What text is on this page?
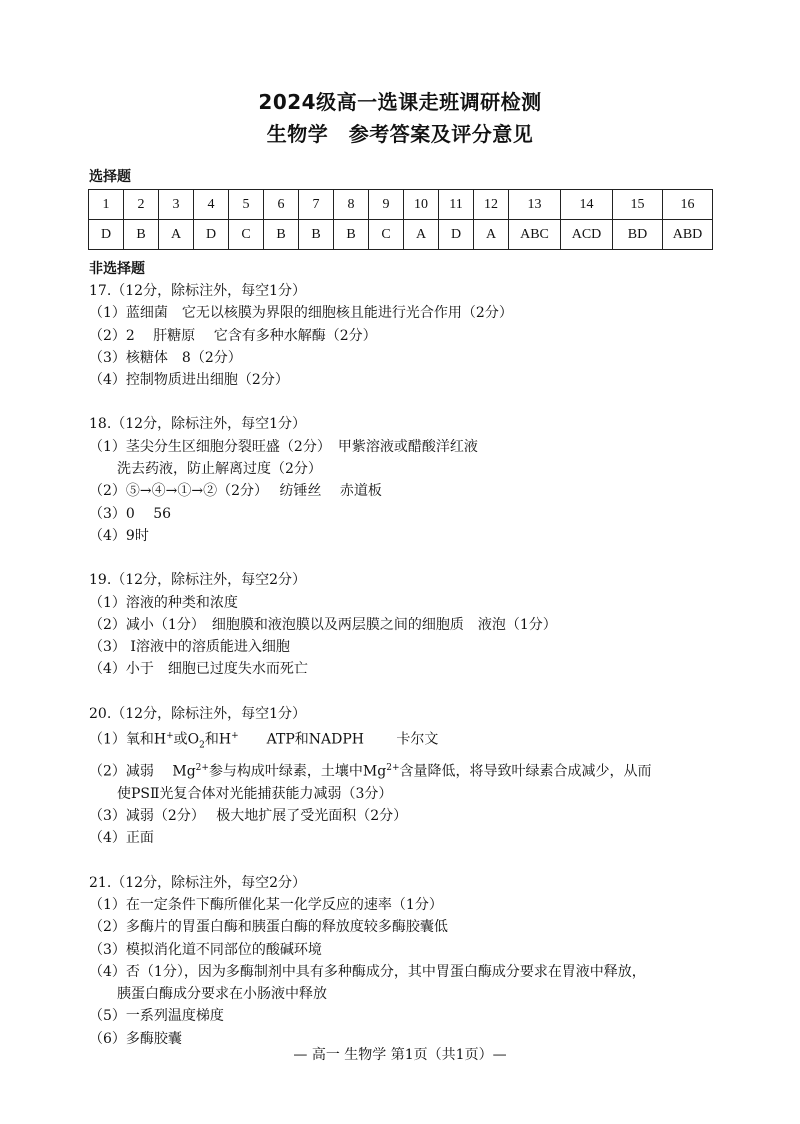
2024级高一选课走班调研检测
生物学　参考答案及评分意见
选择题
1	2	3	4	5	6	7	8	9	10	11	12	13	14	15	16
D	B	A	D	C	B	B	B	C	A	D	A	ABC	ACD	BD	ABD
非选择题
17.（12分，除标注外，每空1分）
（1）蓝细菌　它无以核膜为界限的细胞核且能进行光合作用（2分）
（2）2　 肝糖原　 它含有多种水解酶（2分）
（3）核糖体　8（2分）
（4）控制物质进出细胞（2分）
18.（12分，除标注外，每空1分）
（1）茎尖分生区细胞分裂旺盛（2分）　甲紫溶液或醋酸洋红液
洗去药液，防止解离过度（2分）
（2）⑤→④→①→②（2分）　 纺锤丝　 赤道板
（3）0　 56
（4）9时
19.（12分，除标注外，每空2分）
（1）溶液的种类和浓度
（2）减小（1分）　细胞膜和液泡膜以及两层膜之间的细胞质　液泡（1分）
（3） I溶液中的溶质能进入细胞
（4）小于　细胞已过度失水而死亡
20.（12分，除标注外，每空1分）
（1）氧和H+或$O_2$和H+　　ATP和NADPH　　 卡尔文
（2）减弱　 $Mg^{2+}$参与构成叶绿素，土壤中$Mg^{2+}$含量降低，将导致叶绿素合成减少，从而
使PSⅡ光复合体对光能捕获能力减弱（3分）
（3）减弱（2分）　 极大地扩展了受光面积（2分）
（4）正面
21.（12分，除标注外，每空2分）
（1）在一定条件下酶所催化某一化学反应的速率（1分）
（2）多酶片的胃蛋白酶和胰蛋白酶的释放度较多酶胶囊低
（3）模拟消化道不同部位的酸碱环境
（4）否（1分），因为多酶制剂中具有多种酶成分，其中胃蛋白酶成分要求在胃液中释放，
胰蛋白酶成分要求在小肠液中释放
（5）一系列温度梯度
（6）多酶胶囊
— 高一 生物学 第1页（共1页）—
